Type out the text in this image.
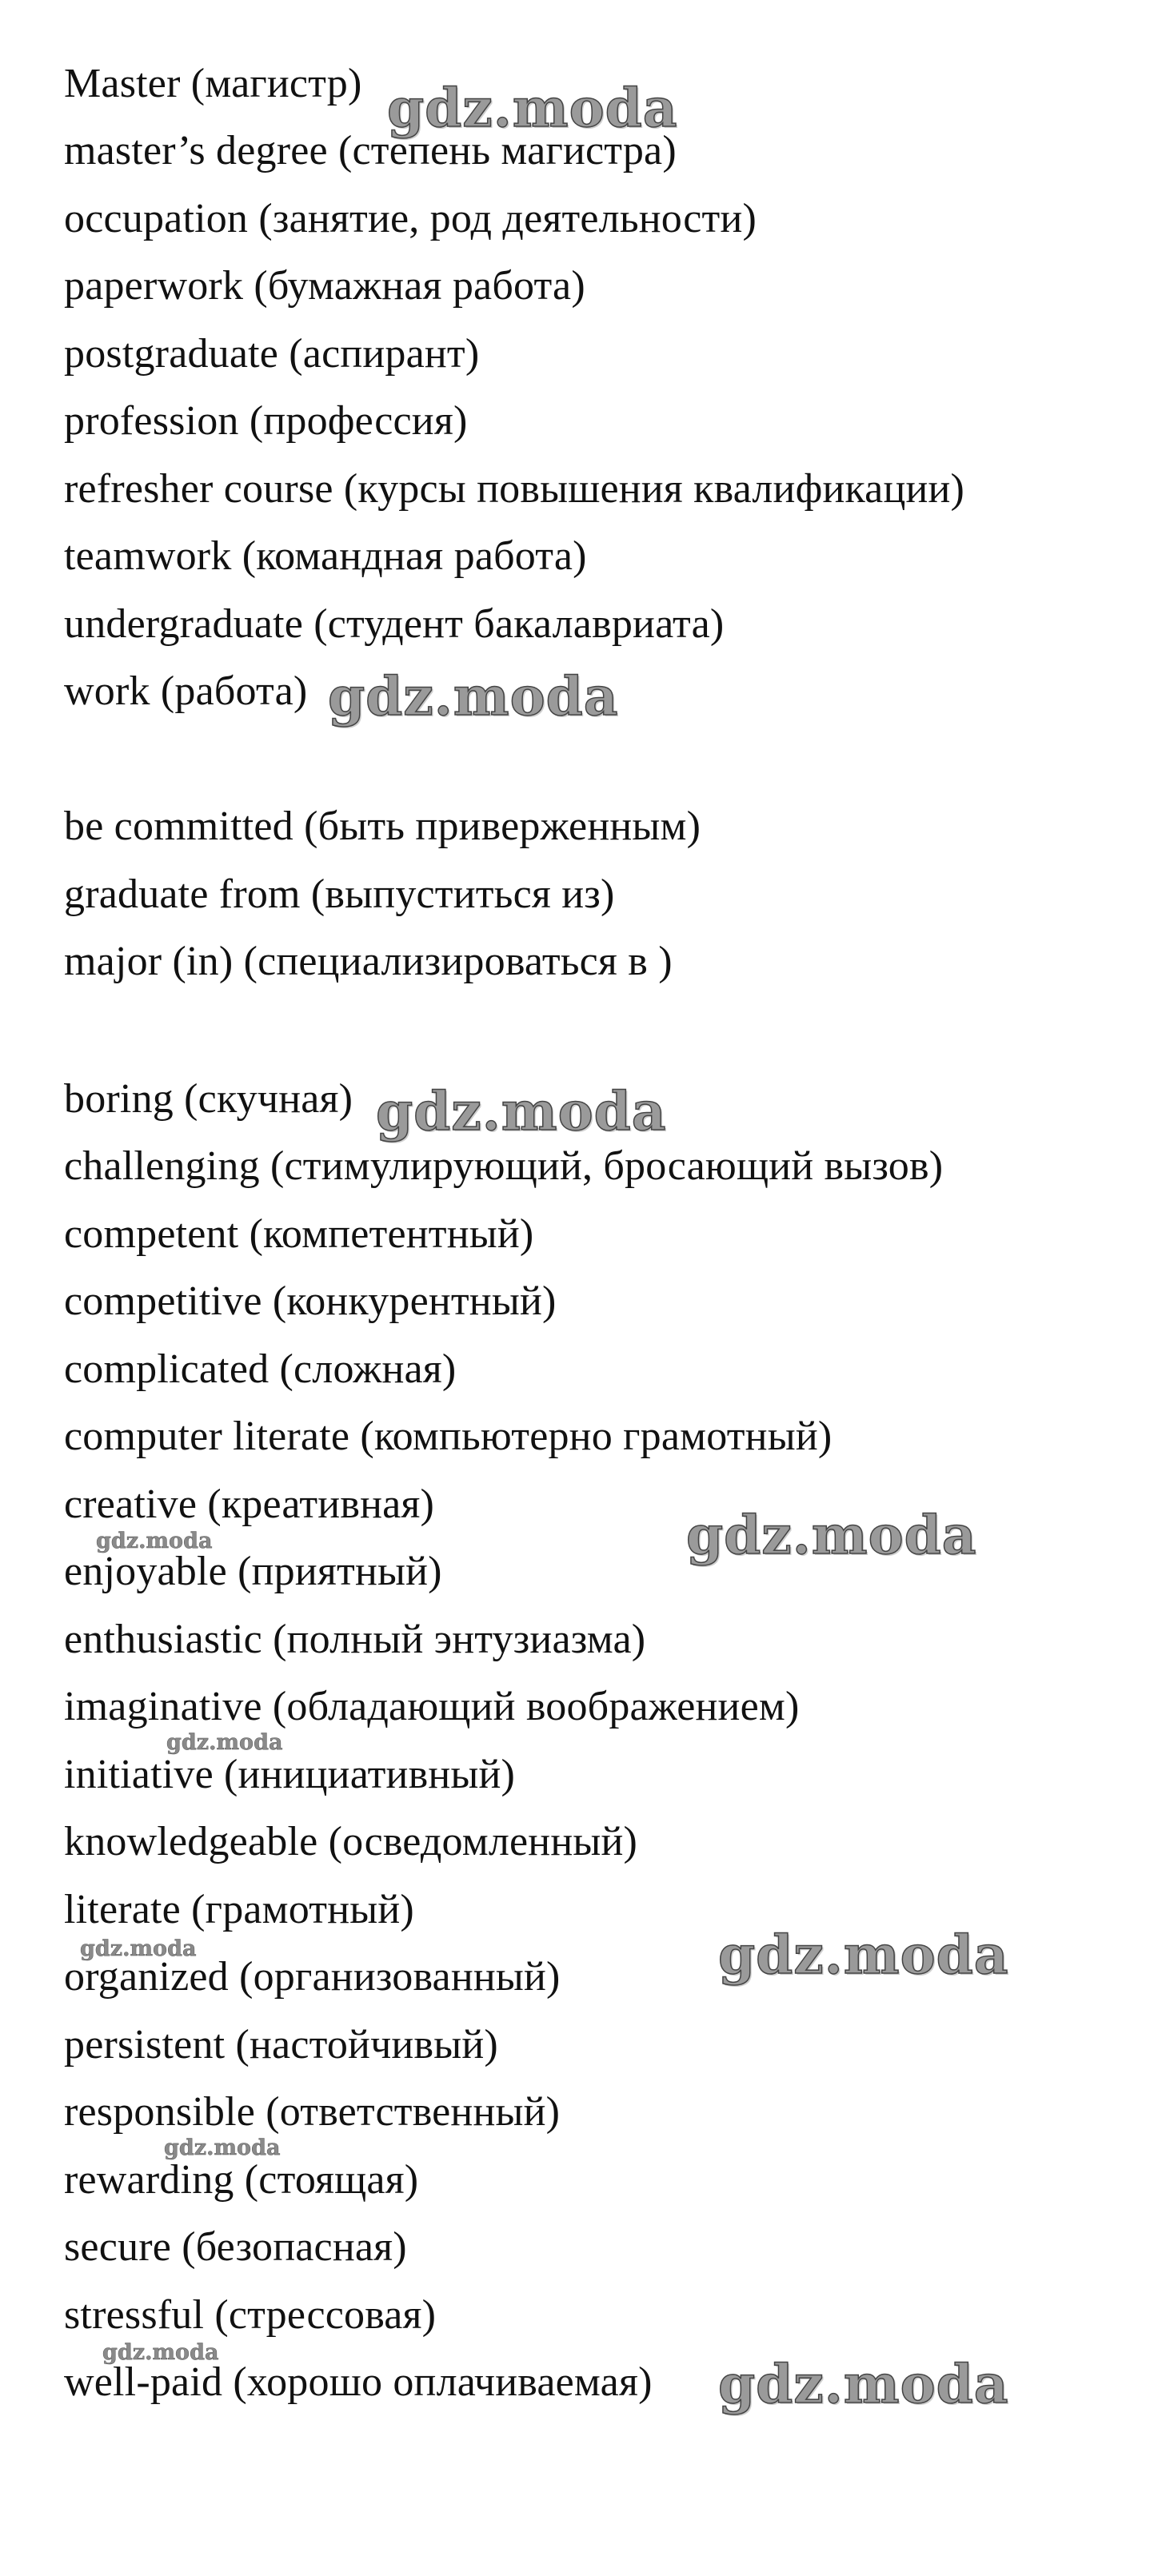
Master (магистр)
master’s degree (степень магистра)
occupation (занятие, род деятельности)
paperwork (бумажная работа)
postgraduate (аспирант)
profession (профессия)
refresher course (курсы повышения квалификации)
teamwork (командная работа)
undergraduate (студент бакалавриата)
work (работа)
be committed (быть приверженным)
graduate from (выпуститься из)
major (in) (специализироваться в )
boring (скучная)
challenging (стимулирующий, бросающий вызов)
competent (компетентный)
competitive (конкурентный)
complicated (сложная)
computer literate (компьютерно грамотный)
creative (креативная)
enjoyable (приятный)
enthusiastic (полный энтузиазма)
imaginative (обладающий воображением)
initiative (инициативный)
knowledgeable (осведомленный)
literate (грамотный)
organized (организованный)
persistent (настойчивый)
responsible (ответственный)
rewarding (стоящая)
secure (безопасная)
stressful (стрессовая)
well-paid (хорошо оплачиваемая)
gdz.moda
gdz.moda
gdz.moda
gdz.moda
gdz.moda
gdz.moda
gdz.moda
gdz.moda
gdz.moda
gdz.moda
gdz.moda
